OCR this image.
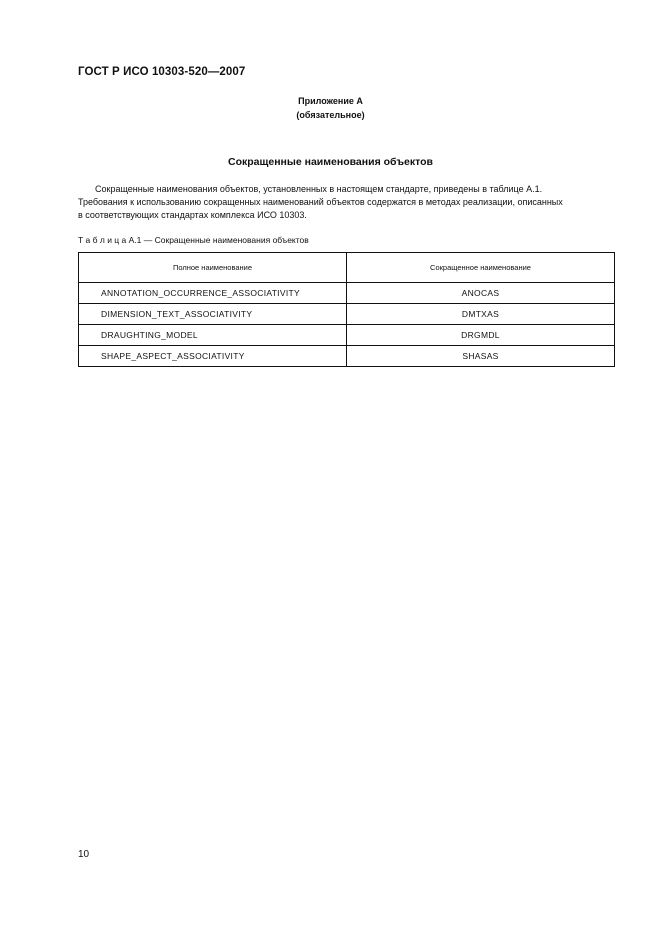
ГОСТ Р ИСО 10303-520—2007
Приложение А
(обязательное)
Сокращенные наименования объектов
Сокращенные наименования объектов, установленных в настоящем стандарте, приведены в таблице А.1.
Требования к использованию сокращенных наименований объектов содержатся в методах реализации, описанных
в соответствующих стандартах комплекса ИСО 10303.
Т а б л и ц а А.1 — Сокращенные наименования объектов
Полное наименование	Сокращенное наименование
ANNOTATION_OCCURRENCE_ASSOCIATIVITY	ANOCAS
DIMENSION_TEXT_ASSOCIATIVITY	DMTXAS
DRAUGHTING_MODEL	DRGMDL
SHAPE_ASPECT_ASSOCIATIVITY	SHASAS
10
